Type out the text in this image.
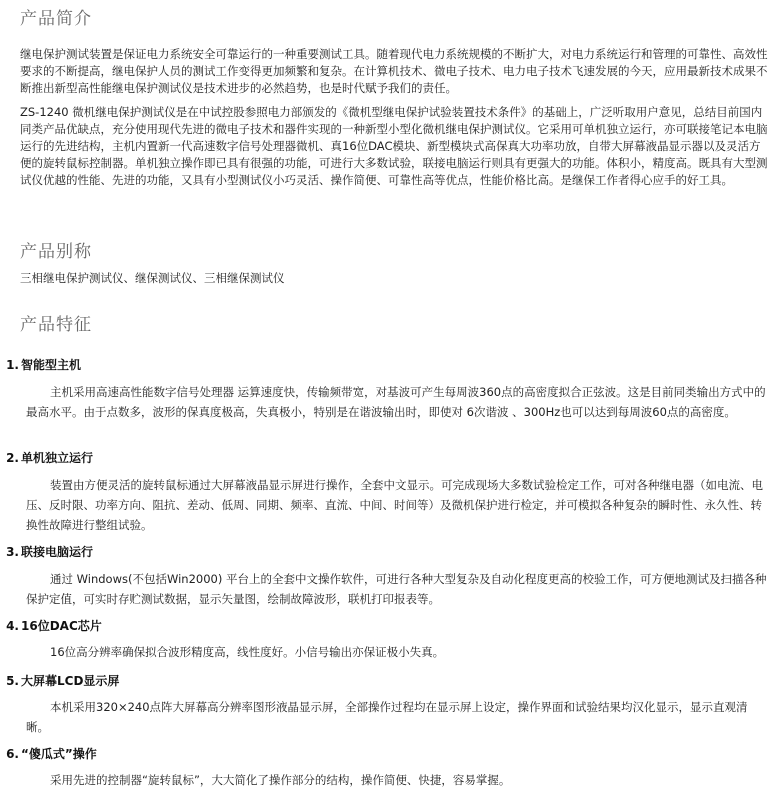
产品简介

继电保护测试装置是保证电力系统安全可靠运行的一种重要测试工具。随着现代电力系统规模的不断扩大，对电力系统运行和管理的可靠性、高效性要求的不断提高，继电保护人员的测试工作变得更加频繁和复杂。在计算机技术、微电子技术、电力电子技术飞速发展的今天，应用最新技术成果不断推出新型高性能继电保护测试仪是技术进步的必然趋势，也是时代赋予我们的责任。

ZS-1240 微机继电保护测试仪是在中试控股参照电力部颁发的《微机型继电保护试验装置技术条件》的基础上，广泛听取用户意见，总结目前国内同类产品优缺点，充分使用现代先进的微电子技术和器件实现的一种新型小型化微机继电保护测试仪。它采用可单机独立运行，亦可联接笔记本电脑运行的先进结构，主机内置新一代高速数字信号处理器微机、真16位DAC模块、新型模块式高保真大功率功放，自带大屏幕液晶显示器以及灵活方便的旋转鼠标控制器。单机独立操作即已具有很强的功能，可进行大多数试验，联接电脑运行则具有更强大的功能。体积小，精度高。既具有大型测试仪优越的性能、先进的功能，又具有小型测试仪小巧灵活、操作简便、可靠性高等优点，性能价格比高。是继保工作者得心应手的好工具。

产品别称

三相继电保护测试仪、继保测试仪、三相继保测试仪

产品特征
1. 智能型主机

主机采用高速高性能数字信号处理器 运算速度快，传输频带宽，对基波可产生每周波360点的高密度拟合正弦波。这是目前同类输出方式中的最高水平。由于点数多，波形的保真度极高，失真极小，特别是在谐波输出时，即使对 6次谐波 、300Hz也可以达到每周波60点的高密度。

2. 单机独立运行

装置由方便灵活的旋转鼠标通过大屏幕液晶显示屏进行操作，全套中文显示。可完成现场大多数试验检定工作，可对各种继电器（如电流、电压、反时限、功率方向、阻抗、差动、低周、同期、频率、直流、中间、时间等）及微机保护进行检定，并可模拟各种复杂的瞬时性、永久性、转换性故障进行整组试验。

3. 联接电脑运行

通过 Windows(不包括Win2000) 平台上的全套中文操作软件，可进行各种大型复杂及自动化程度更高的校验工作，可方便地测试及扫描各种保护定值，可实时存贮测试数据，显示矢量图，绘制故障波形，联机打印报表等。

4. 16位DAC芯片

16位高分辨率确保拟合波形精度高，线性度好。小信号输出亦保证极小失真。

5. 大屏幕LCD显示屏

本机采用320×240点阵大屏幕高分辨率图形液晶显示屏，全部操作过程均在显示屏上设定，操作界面和试验结果均汉化显示，显示直观清晰。

6. “傻瓜式”操作

采用先进的控制器“旋转鼠标”，大大简化了操作部分的结构，操作简便、快捷，容易掌握。
